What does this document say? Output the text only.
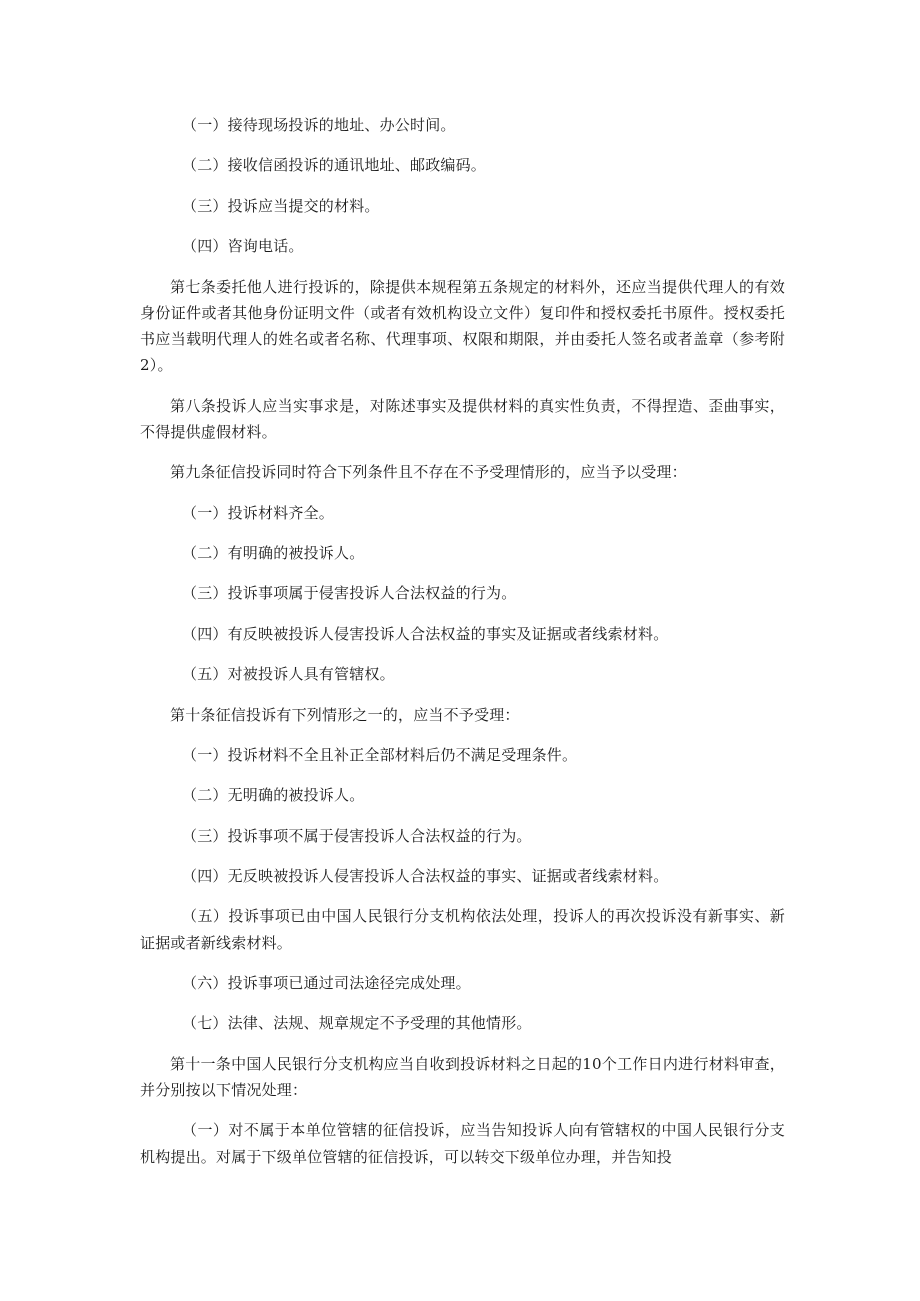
（一）接待现场投诉的地址、办公时间。

（二）接收信函投诉的通讯地址、邮政编码。

（三）投诉应当提交的材料。

（四）咨询电话。

第七条委托他人进行投诉的，除提供本规程第五条规定的材料外，还应当提供代理人的有效身份证件或者其他身份证明文件（或者有效机构设立文件）复印件和授权委托书原件。授权委托书应当载明代理人的姓名或者名称、代理事项、权限和期限，并由委托人签名或者盖章（参考附2）。

第八条投诉人应当实事求是，对陈述事实及提供材料的真实性负责，不得捏造、歪曲事实，不得提供虚假材料。

第九条征信投诉同时符合下列条件且不存在不予受理情形的，应当予以受理：

（一）投诉材料齐全。

（二）有明确的被投诉人。

（三）投诉事项属于侵害投诉人合法权益的行为。

（四）有反映被投诉人侵害投诉人合法权益的事实及证据或者线索材料。

（五）对被投诉人具有管辖权。

第十条征信投诉有下列情形之一的，应当不予受理：

（一）投诉材料不全且补正全部材料后仍不满足受理条件。

（二）无明确的被投诉人。

（三）投诉事项不属于侵害投诉人合法权益的行为。

（四）无反映被投诉人侵害投诉人合法权益的事实、证据或者线索材料。

（五）投诉事项已由中国人民银行分支机构依法处理，投诉人的再次投诉没有新事实、新证据或者新线索材料。

（六）投诉事项已通过司法途径完成处理。

（七）法律、法规、规章规定不予受理的其他情形。

第十一条中国人民银行分支机构应当自收到投诉材料之日起的10个工作日内进行材料审查，并分别按以下情况处理：

（一）对不属于本单位管辖的征信投诉，应当告知投诉人向有管辖权的中国人民银行分支机构提出。对属于下级单位管辖的征信投诉，可以转交下级单位办理，并告知投
